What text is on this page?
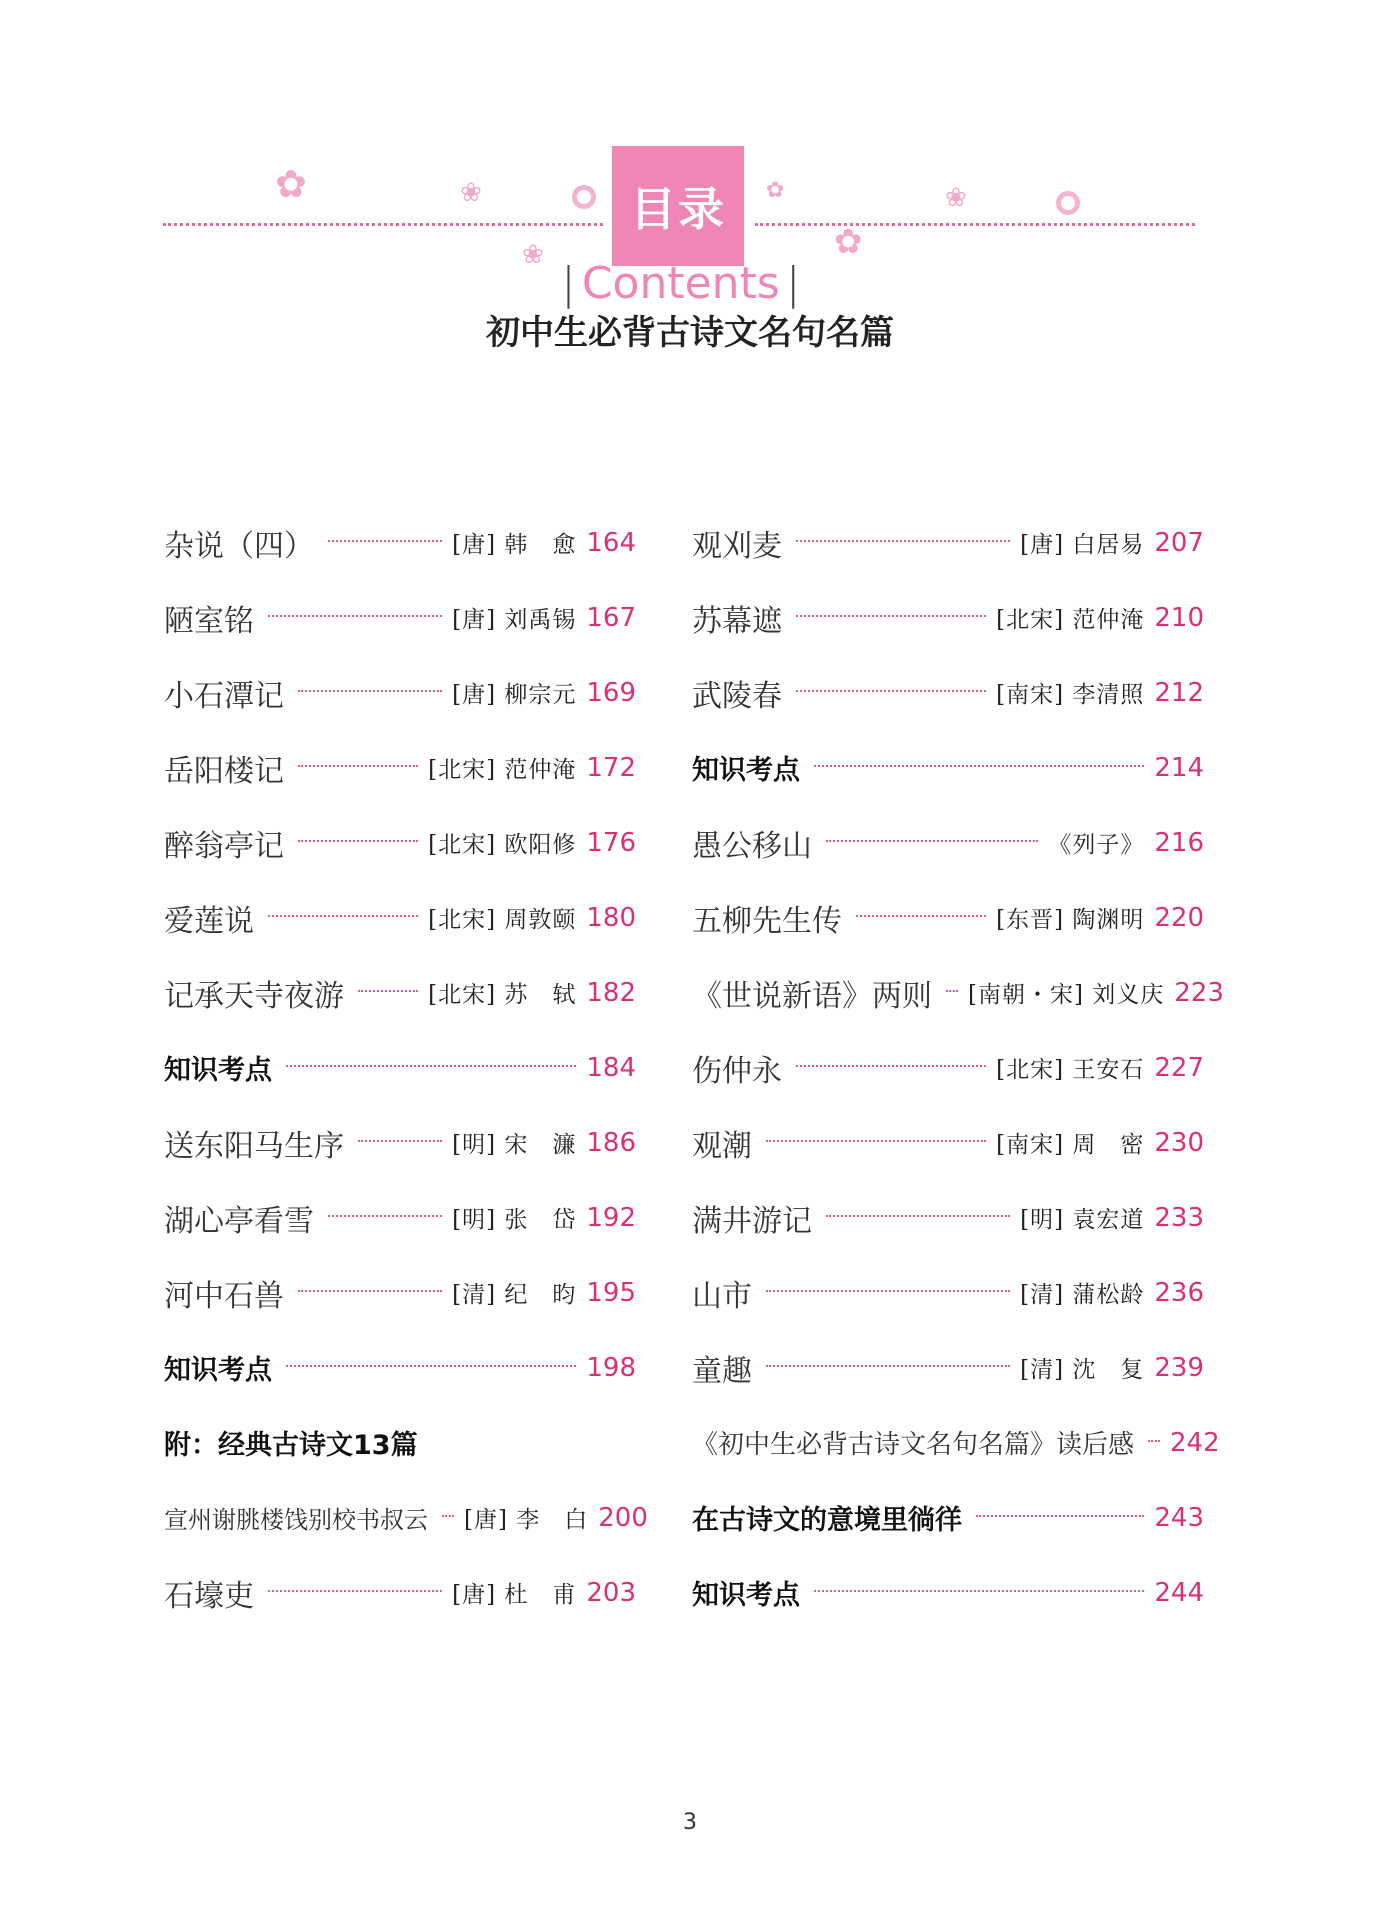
✿	❀
❀
✿
✿
❀
目录
| Contents |
初中生必背古诗文名句名篇
杂说（四）	[唐] 韩　愈 164
陋室铭	[唐] 刘禹锡 167
小石潭记	[唐] 柳宗元 169
岳阳楼记	[北宋] 范仲淹 172
醉翁亭记	[北宋] 欧阳修 176
爱莲说	[北宋] 周敦颐 180
记承天寺夜游	[北宋] 苏　轼 182
知识考点	184
送东阳马生序	[明] 宋　濂 186
湖心亭看雪	[明] 张　岱 192
河中石兽	[清] 纪　昀 195
知识考点	198
附：经典古诗文13篇
宣州谢朓楼饯别校书叔云 [唐] 李　白 200
石壕吏	[唐] 杜　甫 203
观刈麦	[唐] 白居易 207
苏幕遮	[北宋] 范仲淹 210
武陵春	[南宋] 李清照 212
知识考点	214
愚公移山	《列子》 216
五柳先生传	[东晋] 陶渊明 220
《世说新语》两则 [南朝・宋] 刘义庆 223
伤仲永	[北宋] 王安石 227
观潮	[南宋] 周　密 230
满井游记	[明] 袁宏道 233
山市	[清] 蒲松龄 236
童趣	[清] 沈　复 239
《初中生必背古诗文名句名篇》读后感 242
在古诗文的意境里徜徉	243
知识考点	244
3
